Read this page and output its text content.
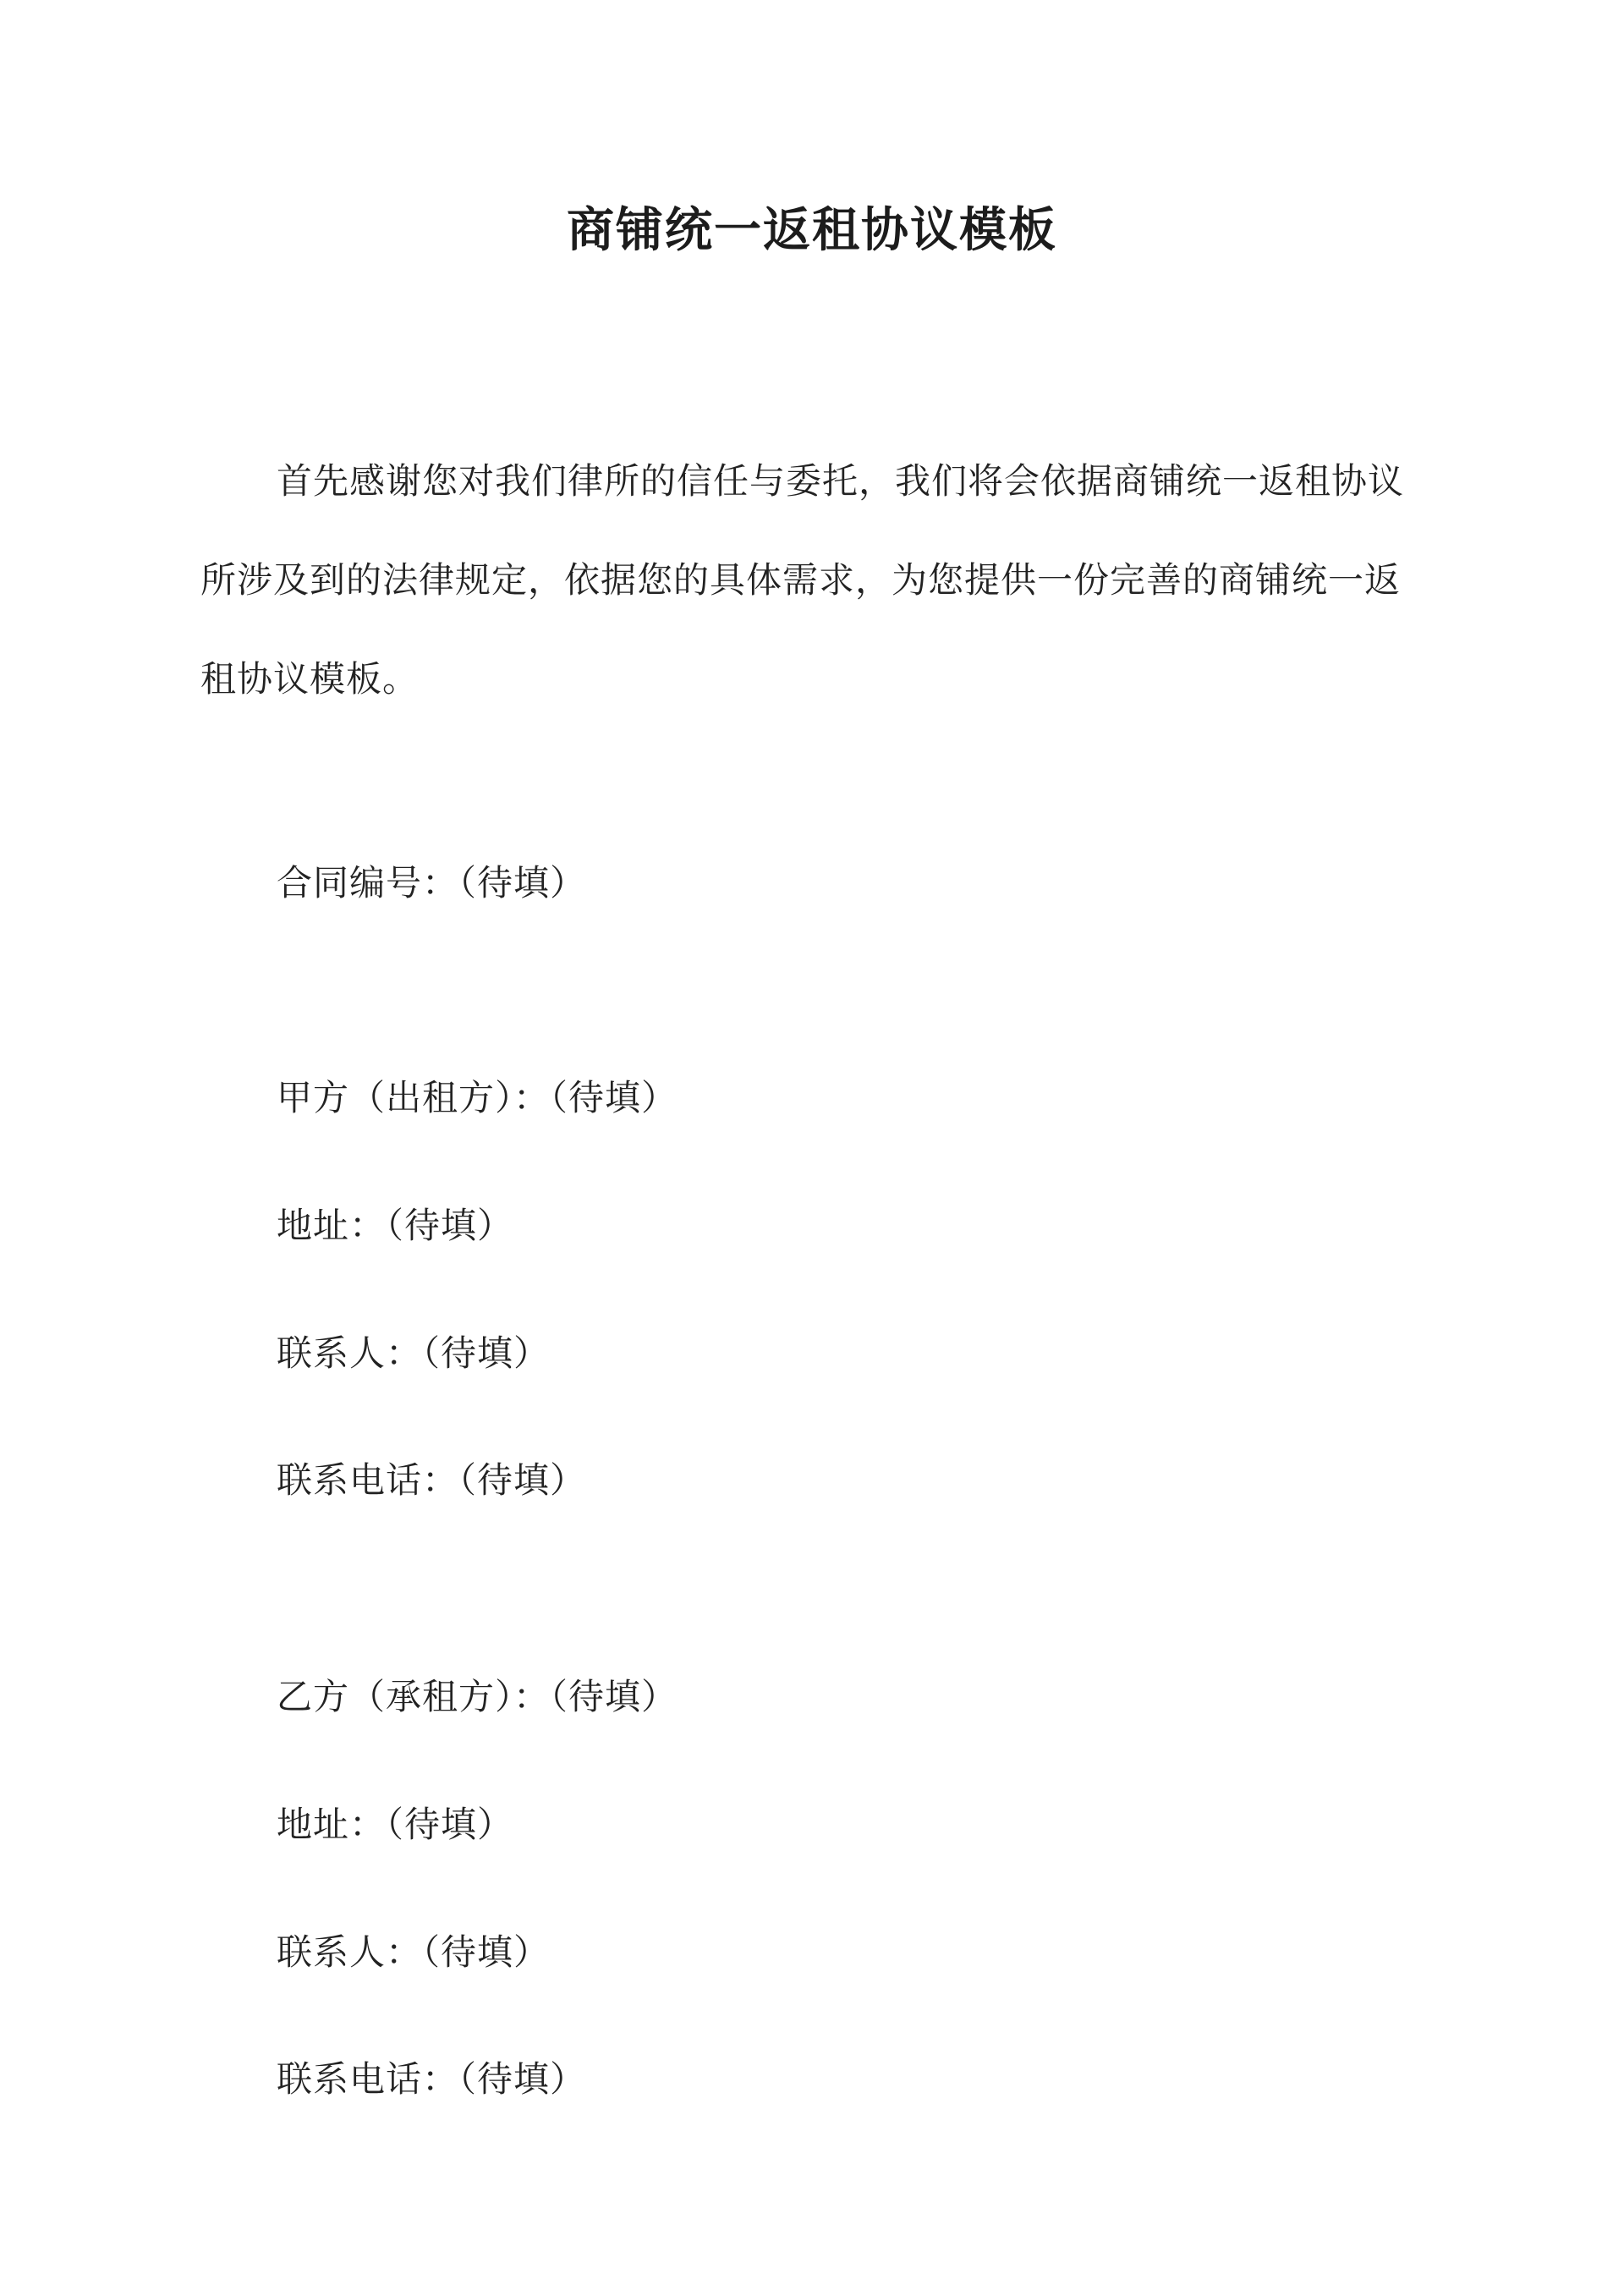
商铺统一返租协议模板

首先感谢您对我们律所的信任与委托，我们将会依据商铺统一返租协议所涉及到的法律规定，依据您的具体需求，为您提供一份完善的商铺统一返租协议模板。

合同编号：（待填）
甲方（出租方）：（待填）
地址：（待填）
联系人：（待填）
联系电话：（待填）
乙方（承租方）：（待填）
地址：（待填）
联系人：（待填）
联系电话：（待填）
